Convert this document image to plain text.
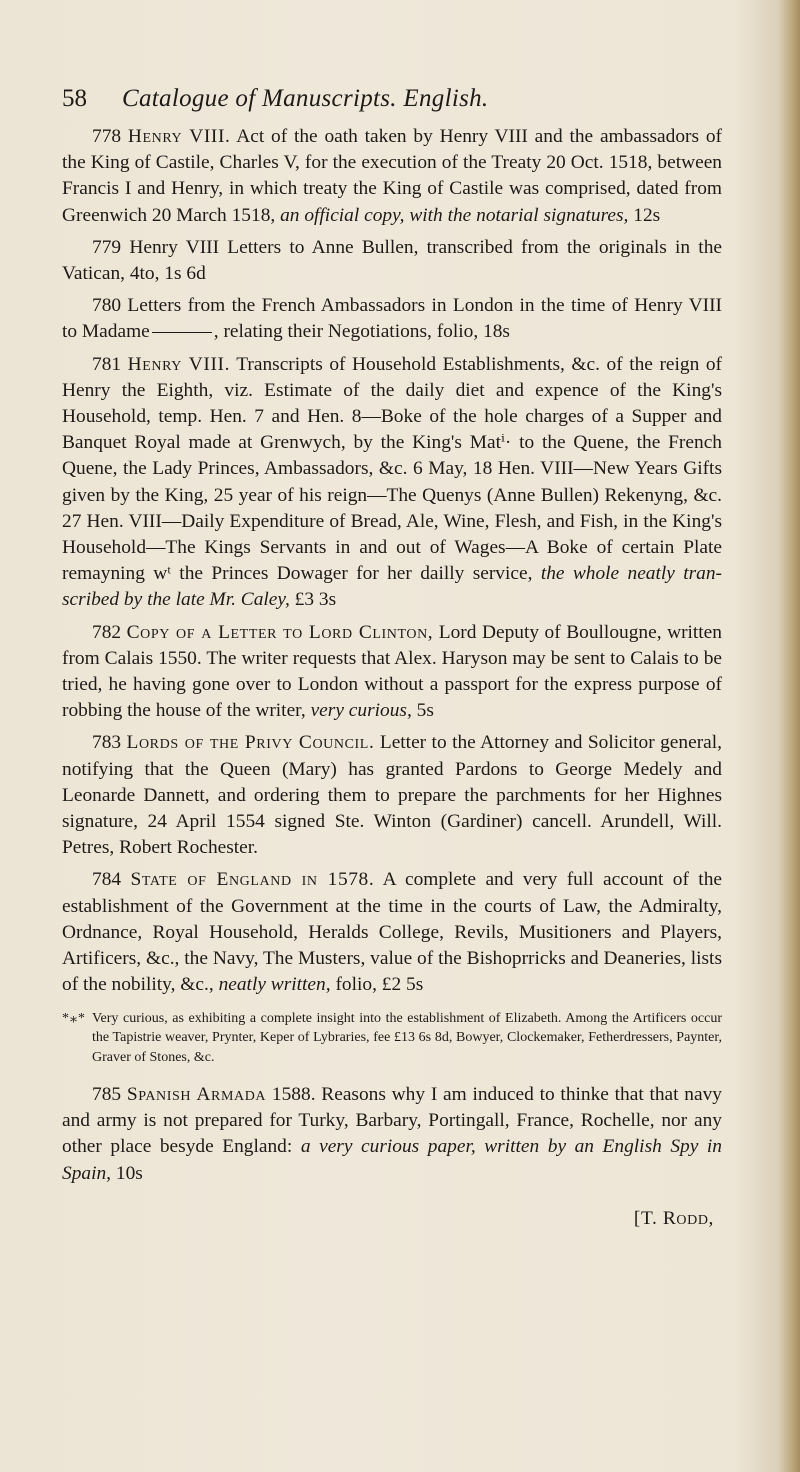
58 Catalogue of Manuscripts. English.

778 Henry VIII. Act of the oath taken by Henry VIII and the ambassadors of the King of Castile, Charles V, for the execution of the Treaty 20 Oct. 1518, between Francis I and Henry, in which treaty the King of Castile was comprised, dated from Greenwich 20 March 1518, an official copy, with the notarial signatures, 12s

779 Henry VIII Letters to Anne Bullen, transcribed from the originals in the Vatican, 4to, 1s 6d

780 Letters from the French Ambassadors in London in the time of Henry VIII to Madame	, relating their Negotiations, folio, 18s

781 Henry VIII. Transcripts of Household Establishments, &c. of the reign of Henry the Eighth, viz. Estimate of the daily diet and expence of the King's Household, temp. Hen. 7 and Hen. 8—Boke of the hole charges of a Supper and Banquet Royal made at Grenwych, by the King's Matⁱ· to the Quene, the French Quene, the Lady Princes, Ambassadors, &c. 6 May, 18 Hen. VIII—New Years Gifts given by the King, 25 year of his reign—The Quenys (Anne Bullen) Rekenyng, &c. 27 Hen. VIII—Daily Expenditure of Bread, Ale, Wine, Flesh, and Fish, in the King's Household—The Kings Servants in and out of Wages—A Boke of certain Plate remayning wᵗ the Princes Dowager for her dailly service, the whole neatly tran-scribed by the late Mr. Caley, £3 3s

782 Copy of a Letter to Lord Clinton, Lord Deputy of Boullougne, written from Calais 1550. The writer requests that Alex. Haryson may be sent to Calais to be tried, he having gone over to London without a passport for the express purpose of robbing the house of the writer, very curious, 5s

783 Lords of the Privy Council. Letter to the Attorney and Solicitor general, notifying that the Queen (Mary) has granted Pardons to George Medely and Leonarde Dannett, and ordering them to prepare the parchments for her Highnes signature, 24 April 1554 signed Ste. Winton (Gardiner) cancell. Arundell, Will. Petres, Robert Rochester.

784 State of England in 1578. A complete and very full account of the establishment of the Government at the time in the courts of Law, the Admiralty, Ordnance, Royal Household, Heralds College, Revils, Musitioners and Players, Artificers, &c., the Navy, The Musters, value of the Bishoprricks and Deaneries, lists of the nobility, &c., neatly written, folio, £2 5s

*⁎* Very curious, as exhibiting a complete insight into the establishment of Elizabeth. Among the Artificers occur the Tapistrie weaver, Prynter, Keper of Lybraries, fee £13 6s 8d, Bowyer, Clockemaker, Fetherdressers, Paynter, Graver of Stones, &c.

785 Spanish Armada 1588. Reasons why I am induced to thinke that that navy and army is not prepared for Turky, Barbary, Portingall, France, Rochelle, nor any other place besyde England: a very curious paper, written by an English Spy in Spain, 10s

[T. Rodd,
